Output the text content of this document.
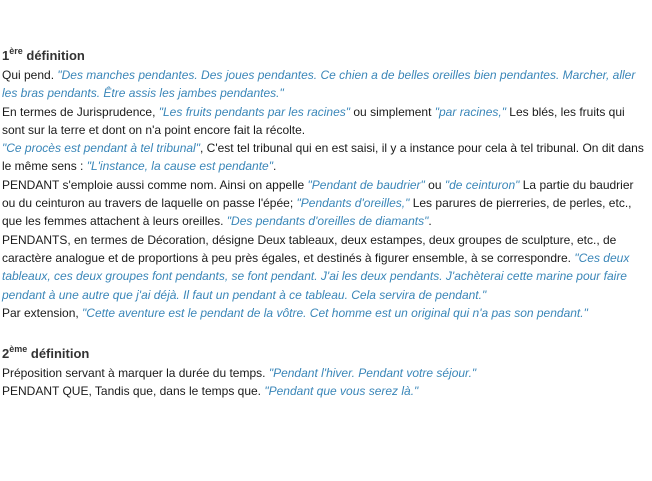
1ère définition

Qui pend. "Des manches pendantes. Des joues pendantes. Ce chien a de belles oreilles bien pendantes. Marcher, aller les bras pendants. Être assis les jambes pendantes."

En termes de Jurisprudence, "Les fruits pendants par les racines" ou simplement "par racines," Les blés, les fruits qui sont sur la terre et dont on n'a point encore fait la récolte.

"Ce procès est pendant à tel tribunal", C'est tel tribunal qui en est saisi, il y a instance pour cela à tel tribunal. On dit dans le même sens : "L'instance, la cause est pendante".

PENDANT s'emploie aussi comme nom. Ainsi on appelle "Pendant de baudrier" ou "de ceinturon" La partie du baudrier ou du ceinturon au travers de laquelle on passe l'épée; "Pendants d'oreilles," Les parures de pierreries, de perles, etc., que les femmes attachent à leurs oreilles. "Des pendants d'oreilles de diamants".

PENDANTS, en termes de Décoration, désigne Deux tableaux, deux estampes, deux groupes de sculpture, etc., de caractère analogue et de proportions à peu près égales, et destinés à figurer ensemble, à se correspondre. "Ces deux tableaux, ces deux groupes font pendants, se font pendant. J'ai les deux pendants. J'achèterai cette marine pour faire pendant à une autre que j'ai déjà. Il faut un pendant à ce tableau. Cela servira de pendant."

Par extension, "Cette aventure est le pendant de la vôtre. Cet homme est un original qui n'a pas son pendant."

2ème définition

Préposition servant à marquer la durée du temps. "Pendant l'hiver. Pendant votre séjour."

PENDANT QUE, Tandis que, dans le temps que. "Pendant que vous serez là."
